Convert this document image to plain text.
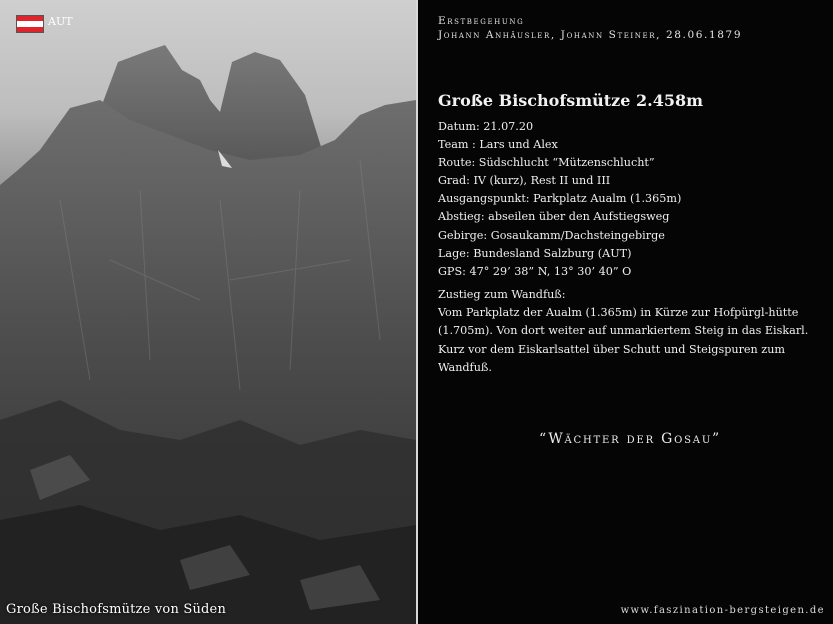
AUT
Große Bischofsmütze von Süden
Erstbegehung
Johann Anhäusler, Johann Steiner, 28.06.1879
Große Bischofsmütze 2.458m
Datum: 21.07.20
Team : Lars und Alex
Route: Südschlucht “Mützenschlucht”
Grad: IV (kurz), Rest II und III
Ausgangspunkt: Parkplatz Aualm (1.365m)
Abstieg: abseilen über den Aufstiegsweg
Gebirge: Gosaukamm/Dachsteingebirge
Lage: Bundesland Salzburg (AUT)
GPS: 47° 29’ 38” N, 13° 30’ 40” O
Zustieg zum Wandfuß:
Vom Parkplatz der Aualm (1.365m) in Kürze zur Hofpürgl-hütte (1.705m). Von dort weiter auf unmarkiertem Steig in das Eiskarl. Kurz vor dem Eiskarlsattel über Schutt und Steigspuren zum Wandfuß.
“Wächter der Gosau”
www.faszination-bergsteigen.de
